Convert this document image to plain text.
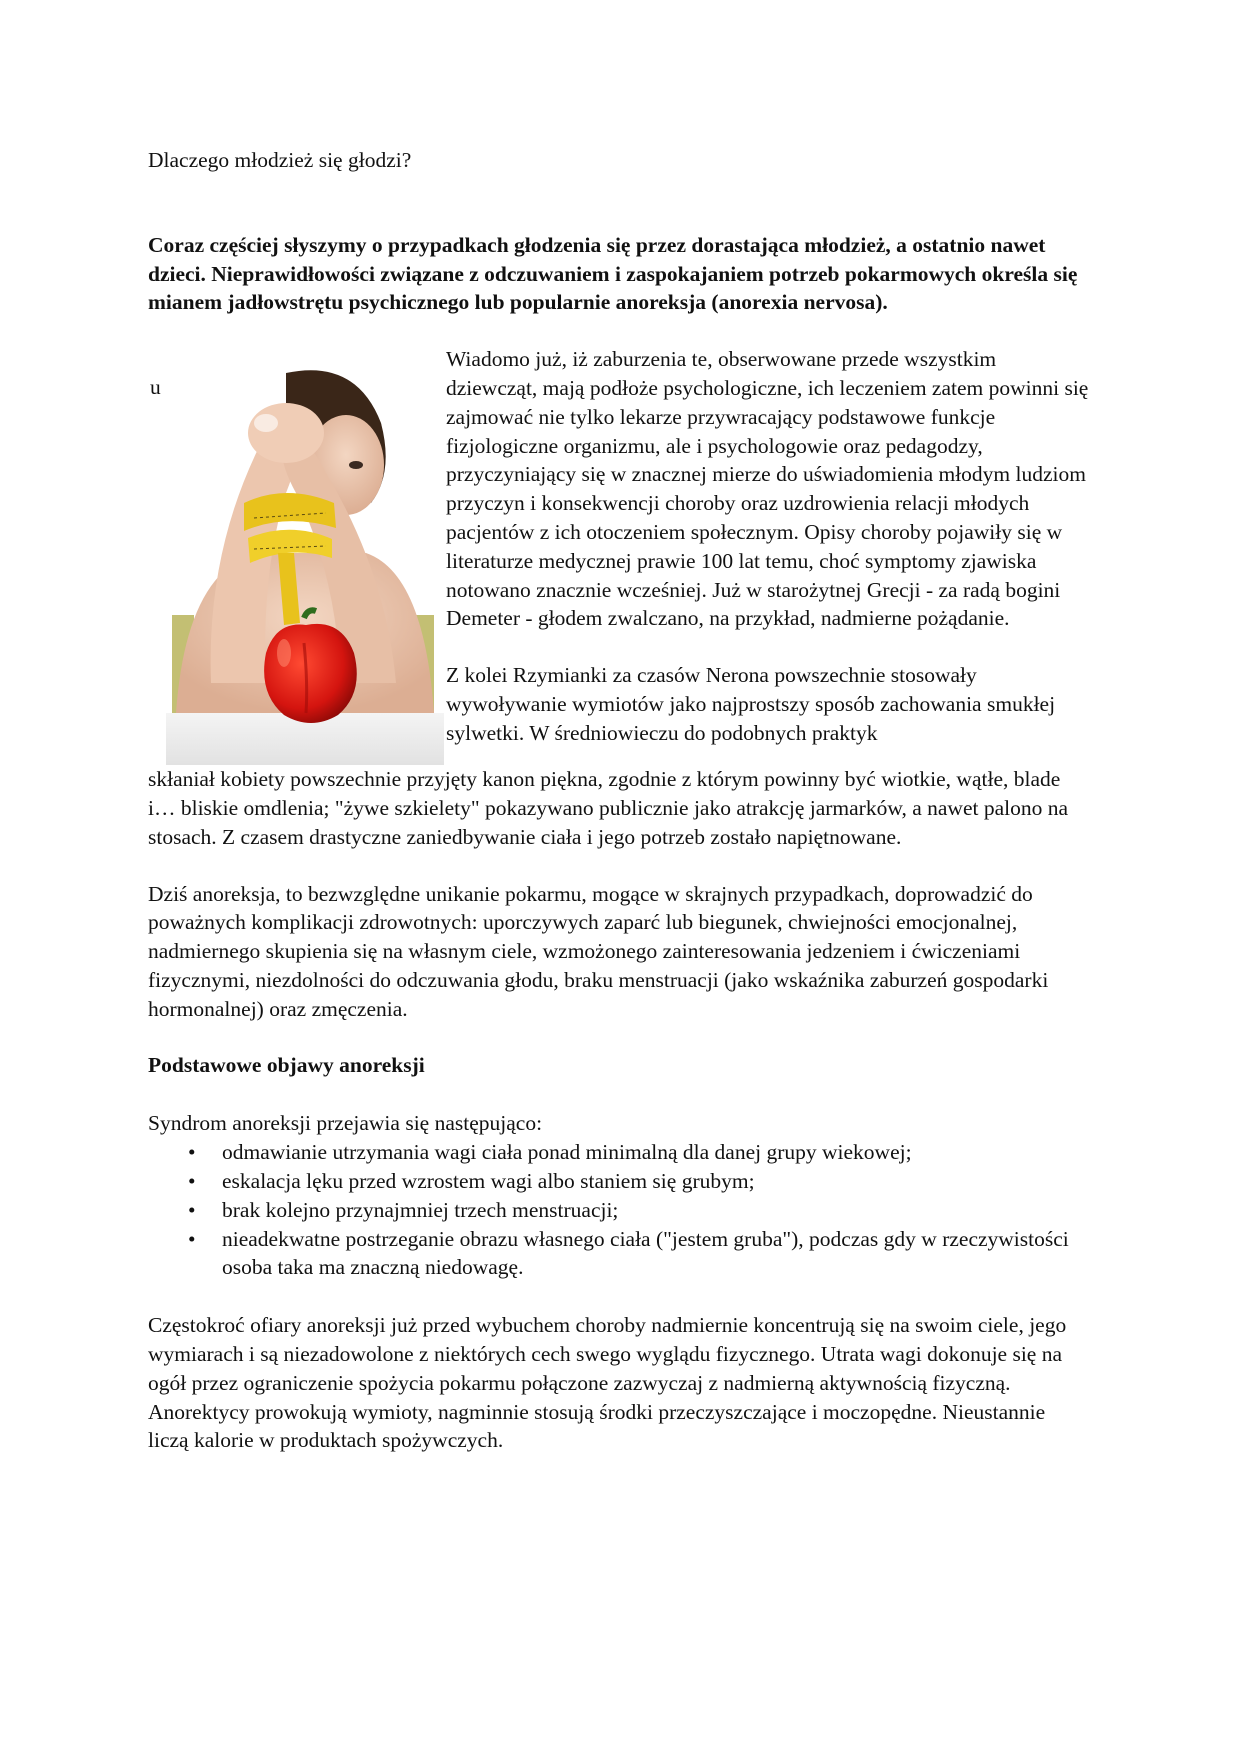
Dlaczego młodzież się głodzi?

Coraz częściej słyszymy o przypadkach głodzenia się przez dorastająca młodzież, a ostatnio nawet dzieci. Nieprawidłowości związane z odczuwaniem i zaspokajaniem potrzeb pokarmowych określa się mianem jadłowstrętu psychicznego lub popularnie anoreksja (anorexia nervosa).

u

Wiadomo już, iż zaburzenia te, obserwowane przede wszystkim dziewcząt, mają podłoże psychologiczne, ich leczeniem zatem powinni się zajmować nie tylko lekarze przywracający podstawowe funkcje fizjologiczne organizmu, ale i psychologowie oraz pedagodzy, przyczyniający się w znacznej mierze do uświadomienia młodym ludziom przyczyn i konsekwencji choroby oraz uzdrowienia relacji młodych pacjentów z ich otoczeniem społecznym. Opisy choroby pojawiły się w literaturze medycznej prawie 100 lat temu, choć symptomy zjawiska notowano znacznie wcześniej. Już w starożytnej Grecji - za radą bogini Demeter - głodem zwalczano, na przykład, nadmierne pożądanie.

Z kolei Rzymianki za czasów Nerona powszechnie stosowały wywoływanie wymiotów jako najprostszy sposób zachowania smukłej sylwetki. W średniowieczu do podobnych praktyk

skłaniał kobiety powszechnie przyjęty kanon piękna, zgodnie z którym powinny być wiotkie, wątłe, blade i… bliskie omdlenia; "żywe szkielety" pokazywano publicznie jako atrakcję jarmarków, a nawet palono na stosach. Z czasem drastyczne zaniedbywanie ciała i jego potrzeb zostało napiętnowane.

Dziś anoreksja, to bezwzględne unikanie pokarmu, mogące w skrajnych przypadkach, doprowadzić do poważnych komplikacji zdrowotnych: uporczywych zaparć lub biegunek, chwiejności emocjonalnej, nadmiernego skupienia się na własnym ciele, wzmożonego zainteresowania jedzeniem i ćwiczeniami fizycznymi, niezdolności do odczuwania głodu, braku menstruacji (jako wskaźnika zaburzeń gospodarki hormonalnej) oraz zmęczenia.

Podstawowe objawy anoreksji

Syndrom anoreksji przejawia się następująco:

• odmawianie utrzymania wagi ciała ponad minimalną dla danej grupy wiekowej;
• eskalacja lęku przed wzrostem wagi albo staniem się grubym;
• brak kolejno przynajmniej trzech menstruacji;
• nieadekwatne postrzeganie obrazu własnego ciała ("jestem gruba"), podczas gdy w rzeczywistości osoba taka ma znaczną niedowagę.

Częstokroć ofiary anoreksji już przed wybuchem choroby nadmiernie koncentrują się na swoim ciele, jego wymiarach i są niezadowolone z niektórych cech swego wyglądu fizycznego. Utrata wagi dokonuje się na ogół przez ograniczenie spożycia pokarmu połączone zazwyczaj z nadmierną aktywnością fizyczną. Anorektycy prowokują wymioty, nagminnie stosują środki przeczyszczające i moczopędne. Nieustannie liczą kalorie w produktach spożywczych.
